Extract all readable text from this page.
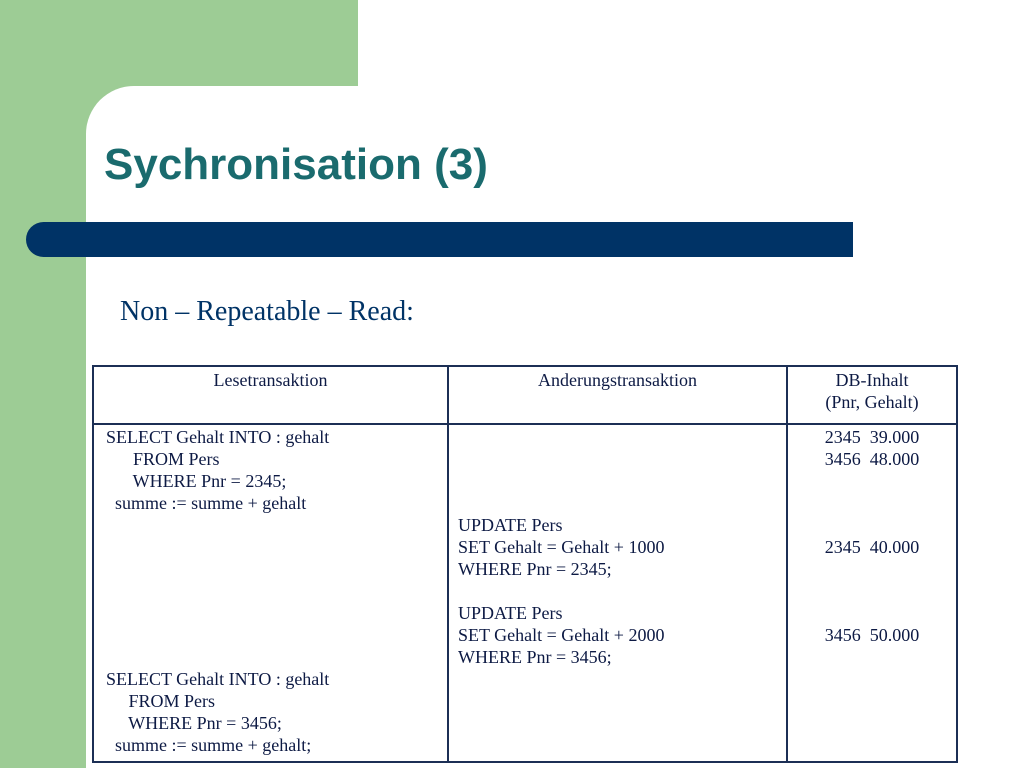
Sychronisation (3)
Non – Repeatable – Read:
Lesetransaktion	Anderungstransaktion	DB-Inhalt
(Pnr, Gehalt)
SELECT Gehalt INTO : gehalt
FROM Pers
WHERE Pnr = 2345;
summe := summe + gehalt

SELECT Gehalt INTO : gehalt
FROM Pers
WHERE Pnr = 3456;
summe := summe + gehalt;
UPDATE Pers
SET Gehalt = Gehalt + 1000
WHERE Pnr = 2345;

UPDATE Pers
SET Gehalt = Gehalt + 2000
WHERE Pnr = 3456;
2345  39.000
3456  48.000

2345  40.000

3456  50.000
